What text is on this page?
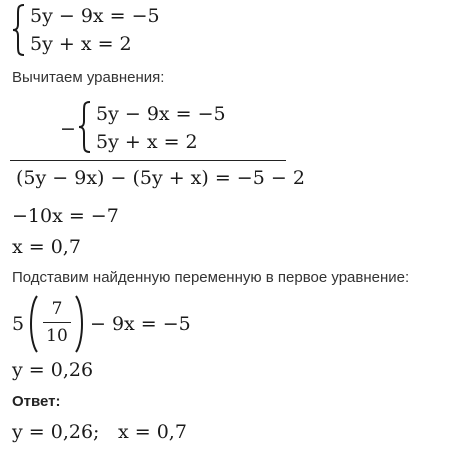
5y − 9x = −5
5y + x = 2
Вычитаем уравнения:
−
5y − 9x = −5
5y + x = 2
(5y − 9x) − (5y + x) = −5 − 2
−10x = −7
x = 0,7
Подставим найденную переменную в первое уравнение:
5
7
10
− 9x = −5
y = 0,26
Ответ:
y = 0,26; x = 0,7
